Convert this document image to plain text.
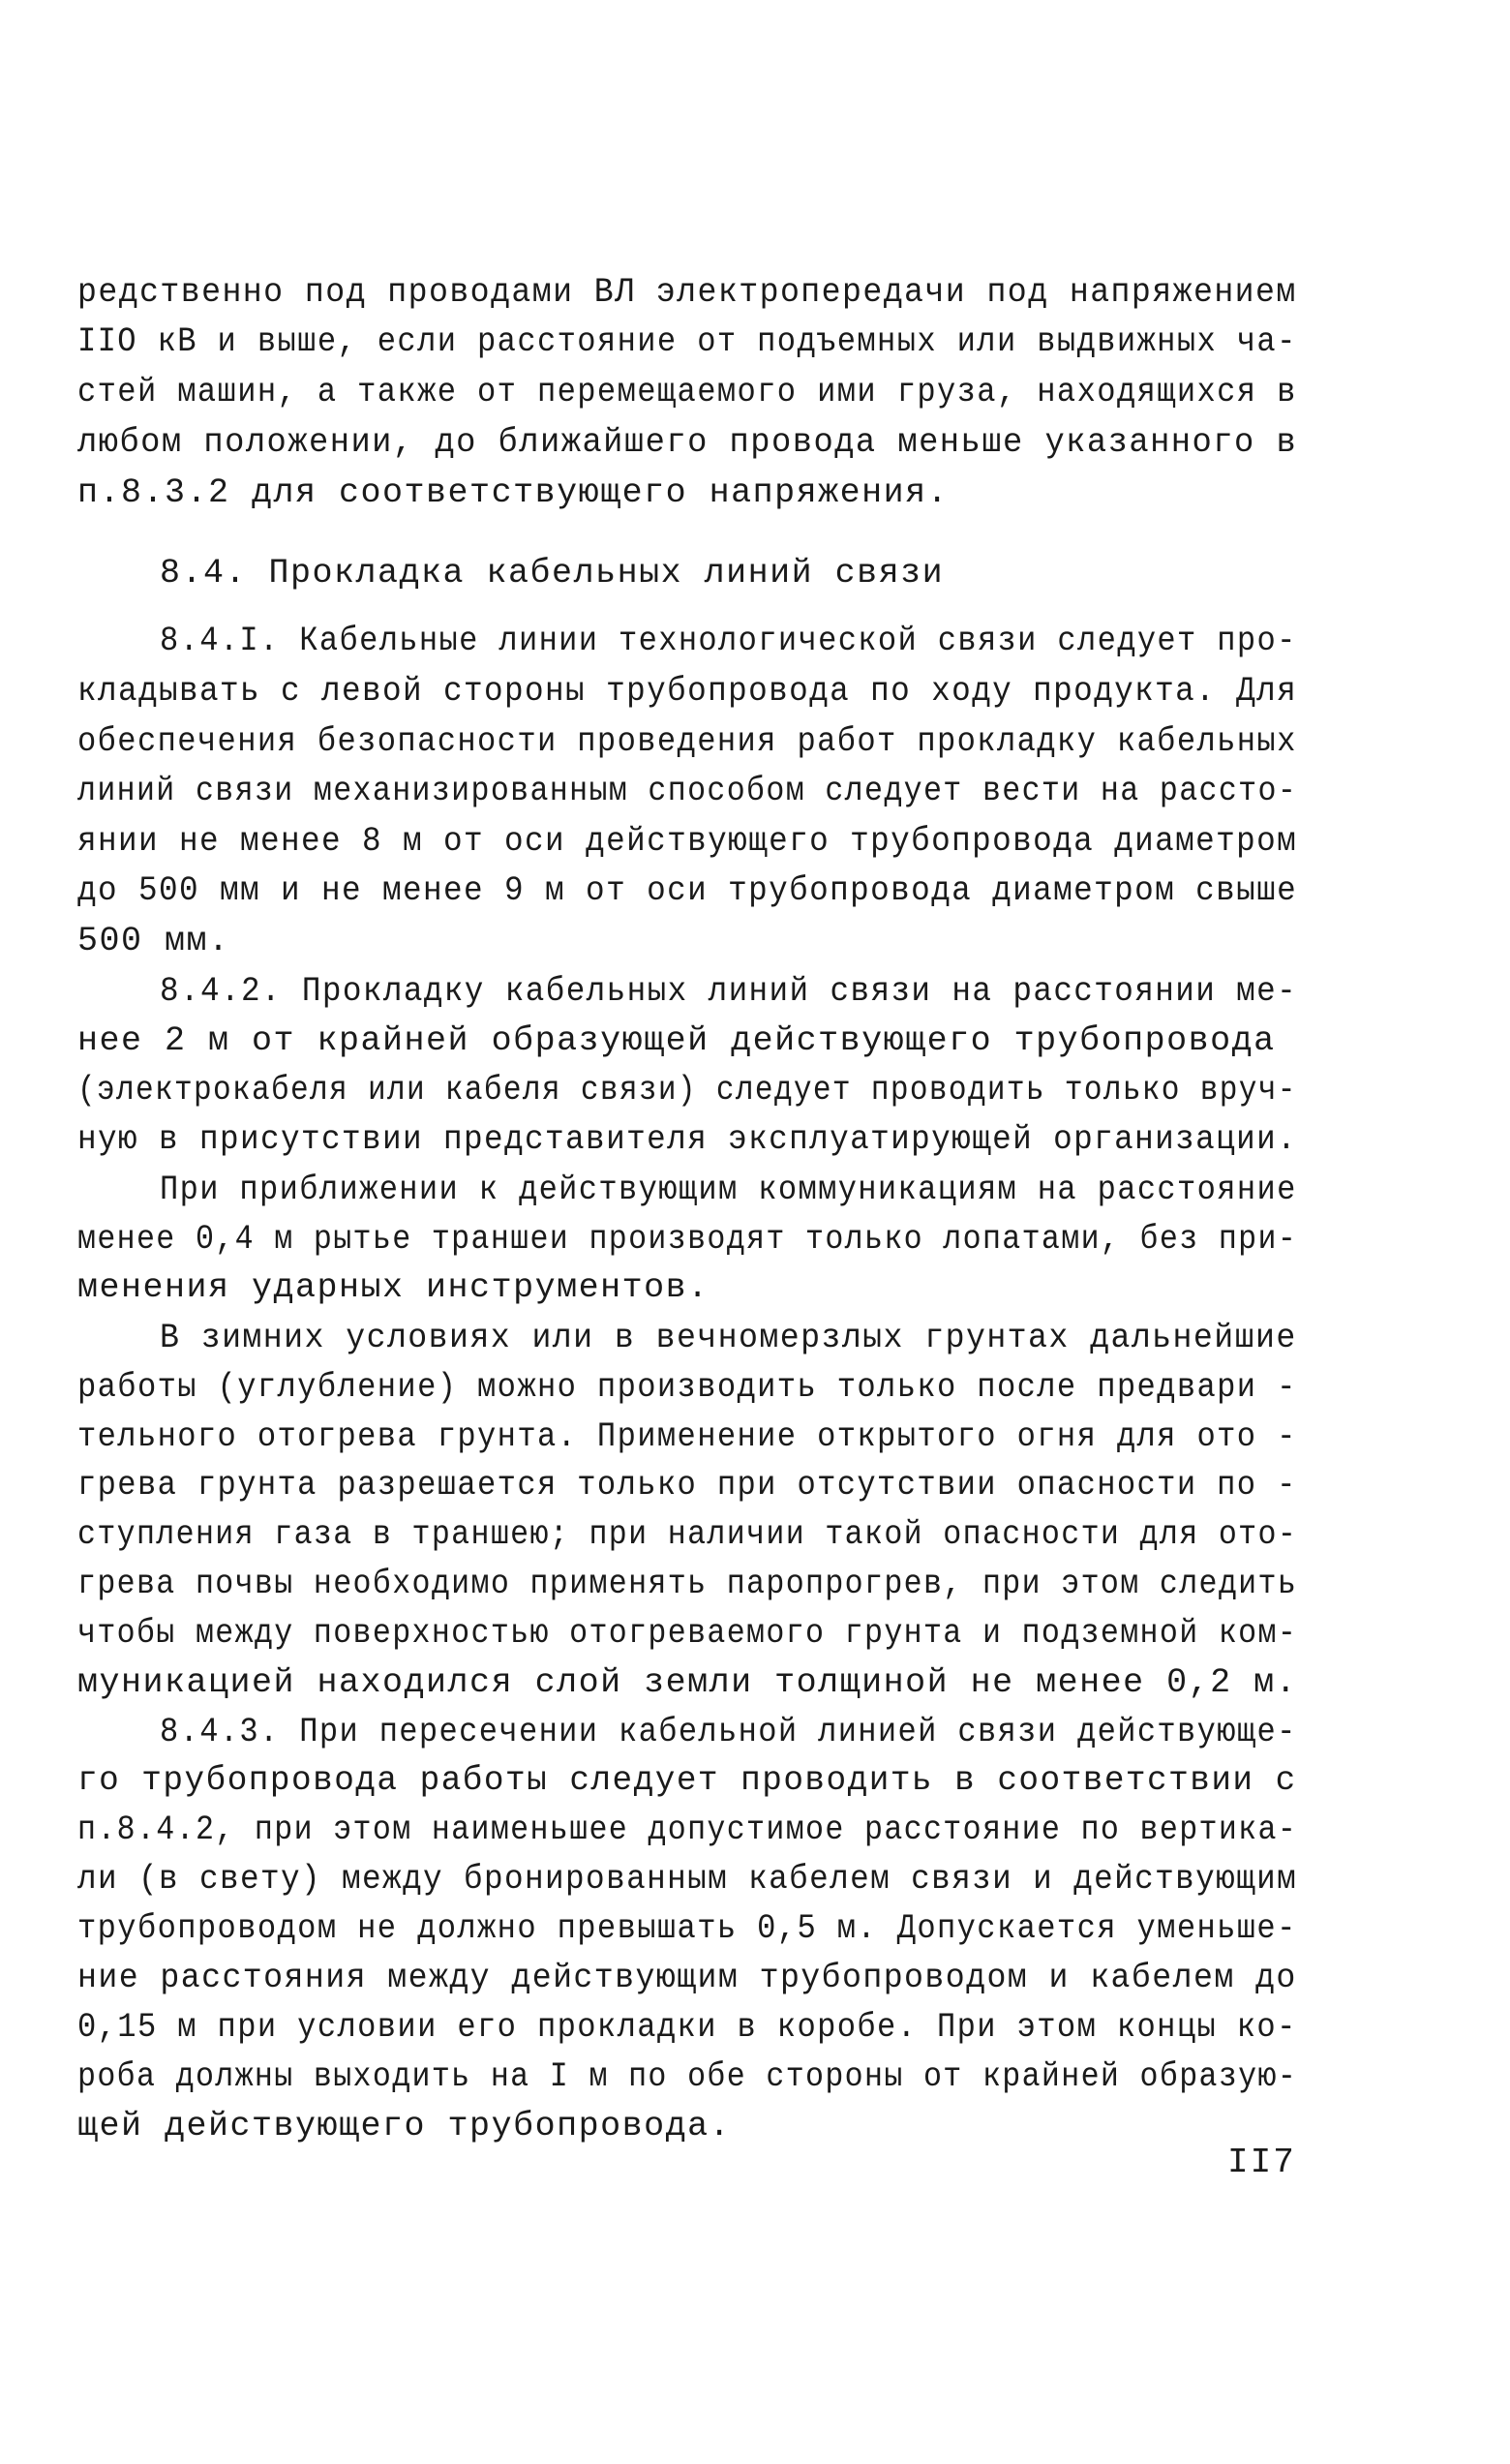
редственно под проводами ВЛ электропередачи под напряжением
IIO кВ и выше, если расстояние от подъемных или выдвижных ча-
стей машин, а также от перемещаемого ими груза, находящихся в
любом положении, до ближайшего провода меньше указанного в
п.8.3.2 для соответствующего напряжения.
8.4. Прокладка кабельных линий связи
8.4.I. Кабельные линии технологической связи следует про-
кладывать с левой стороны трубопровода по ходу продукта. Для
обеспечения безопасности проведения работ прокладку кабельных
линий связи механизированным способом следует вести на рассто-
янии не менее 8 м от оси действующего трубопровода диаметром
до 500 мм и не менее 9 м от оси трубопровода диаметром свыше
500 мм.
8.4.2. Прокладку кабельных линий связи на расстоянии ме-
нее 2 м от крайней образующей действующего трубопровода
(электрокабеля или кабеля связи) следует проводить только вруч-
ную в присутствии представителя эксплуатирующей организации.
При приближении к действующим коммуникациям на расстояние
менее 0,4 м рытье траншеи производят только лопатами, без при-
менения ударных инструментов.
В зимних условиях или в вечномерзлых грунтах дальнейшие
работы (углубление) можно производить только после предвари -
тельного отогрева грунта. Применение открытого огня для ото -
грева грунта разрешается только при отсутствии опасности по -
ступления газа в траншею; при наличии такой опасности для ото-
грева почвы необходимо применять паропрогрев, при этом следить
чтобы между поверхностью отогреваемого грунта и подземной ком-
муникацией находился слой земли толщиной не менее 0,2 м.
8.4.3. При пересечении кабельной линией связи действующе-
го трубопровода работы следует проводить в соответствии с
п.8.4.2, при этом наименьшее допустимое расстояние по вертика-
ли (в свету) между бронированным кабелем связи и действующим
трубопроводом не должно превышать 0,5 м. Допускается уменьше-
ние расстояния между действующим трубопроводом и кабелем до
0,15 м при условии его прокладки в коробе. При этом концы ко-
роба должны выходить на I м по обе стороны от крайней образую-
щей действующего трубопровода.
II7
